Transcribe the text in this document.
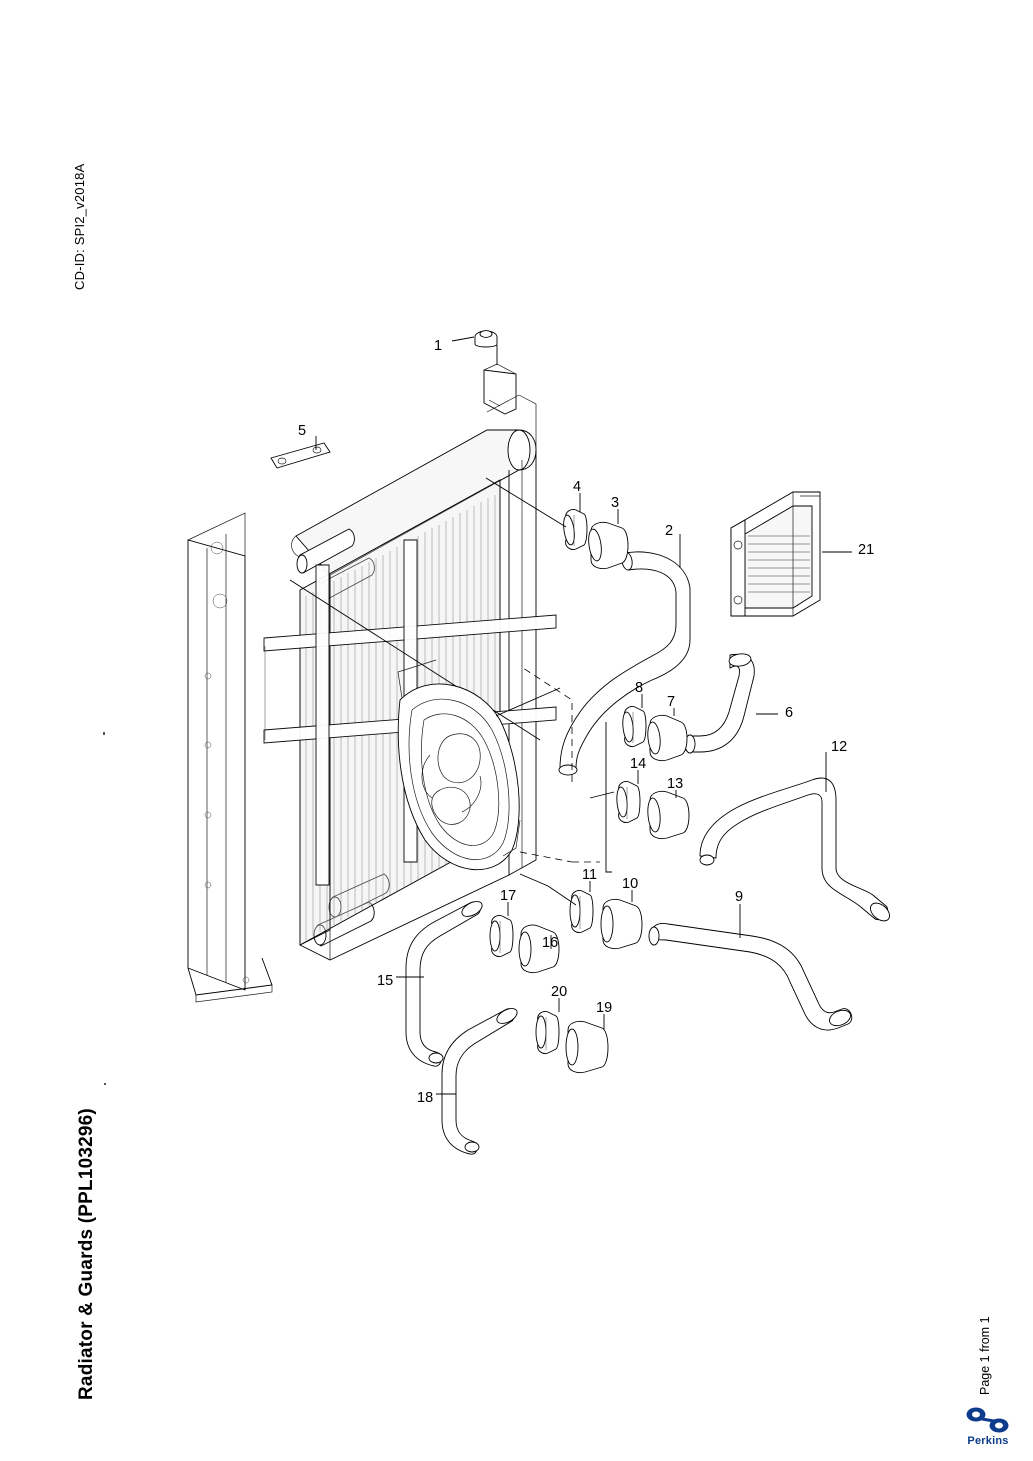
CD-ID: SPI2_v2018A
Radiator & Guards (PPL103296)	Page 1 from 1
Perkins
1
2
3
4
5
6
7
8
9
10
11
12
13
14
15
16
17
18
19
20
21
